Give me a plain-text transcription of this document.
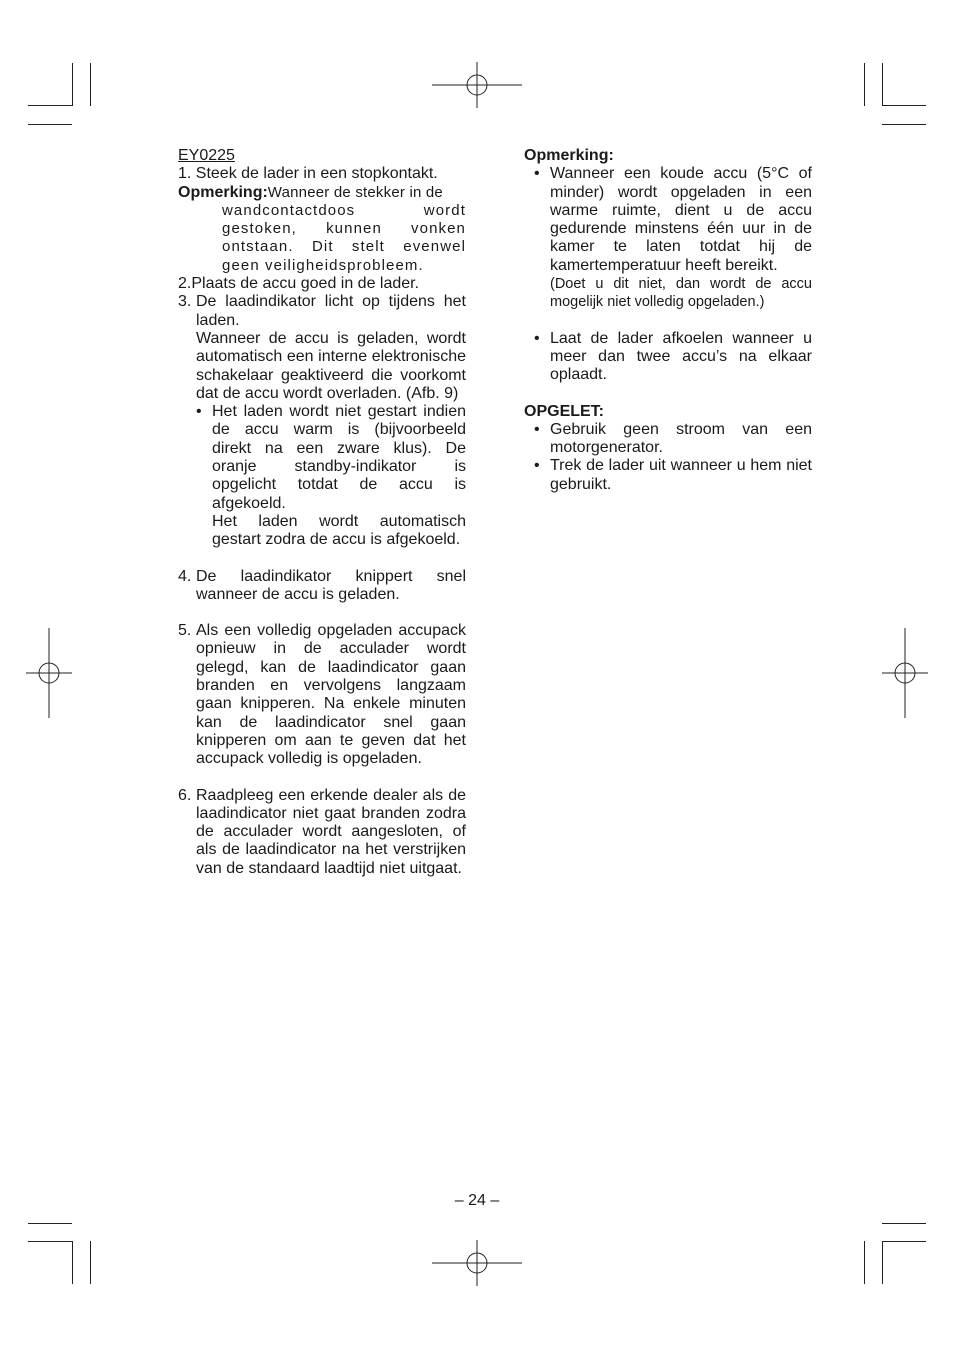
EY0225
1. Steek de lader in een stopkontakt.
Opmerking:Wanneer de stekker in de
wandcontactdoos wordt gestoken, kunnen vonken ontstaan. Dit stelt evenwel geen veiligheidsprobleem.
2.Plaats de accu goed in de lader.
3. De laadindikator licht op tijdens het laden.
Wanneer de accu is geladen, wordt automatisch een interne elektronische schakelaar geaktiveerd die voorkomt dat de accu wordt overladen. (Afb. 9)
• Het laden wordt niet gestart indien de accu warm is (bijvoorbeeld direkt na een zware klus). De oranje standby-indikator is opgelicht totdat de accu is afgekoeld.
Het laden wordt automatisch gestart zodra de accu is afgekoeld.
4. De laadindikator knippert snel wanneer de accu is geladen.
5. Als een volledig opgeladen accupack opnieuw in de acculader wordt gelegd, kan de laadindicator gaan branden en vervolgens langzaam gaan knipperen. Na enkele minuten kan de laadindicator snel gaan knipperen om aan te geven dat het accupack volledig is opgeladen.
6. Raadpleeg een erkende dealer als de laadindicator niet gaat branden zodra de acculader wordt aangesloten, of als de laadindicator na het verstrijken van de standaard laadtijd niet uitgaat.
Opmerking:
• Wanneer een koude accu (5°C of minder) wordt opgeladen in een warme ruimte, dient u de accu gedurende minstens één uur in de kamer te laten totdat hij de kamertemperatuur heeft bereikt.
(Doet u dit niet, dan wordt de accu mogelijk niet volledig opgeladen.)
• Laat de lader afkoelen wanneer u meer dan twee accu’s na elkaar oplaadt.
OPGELET:
• Gebruik geen stroom van een motorgenerator.
• Trek de lader uit wanneer u hem niet gebruikt.
– 24 –
